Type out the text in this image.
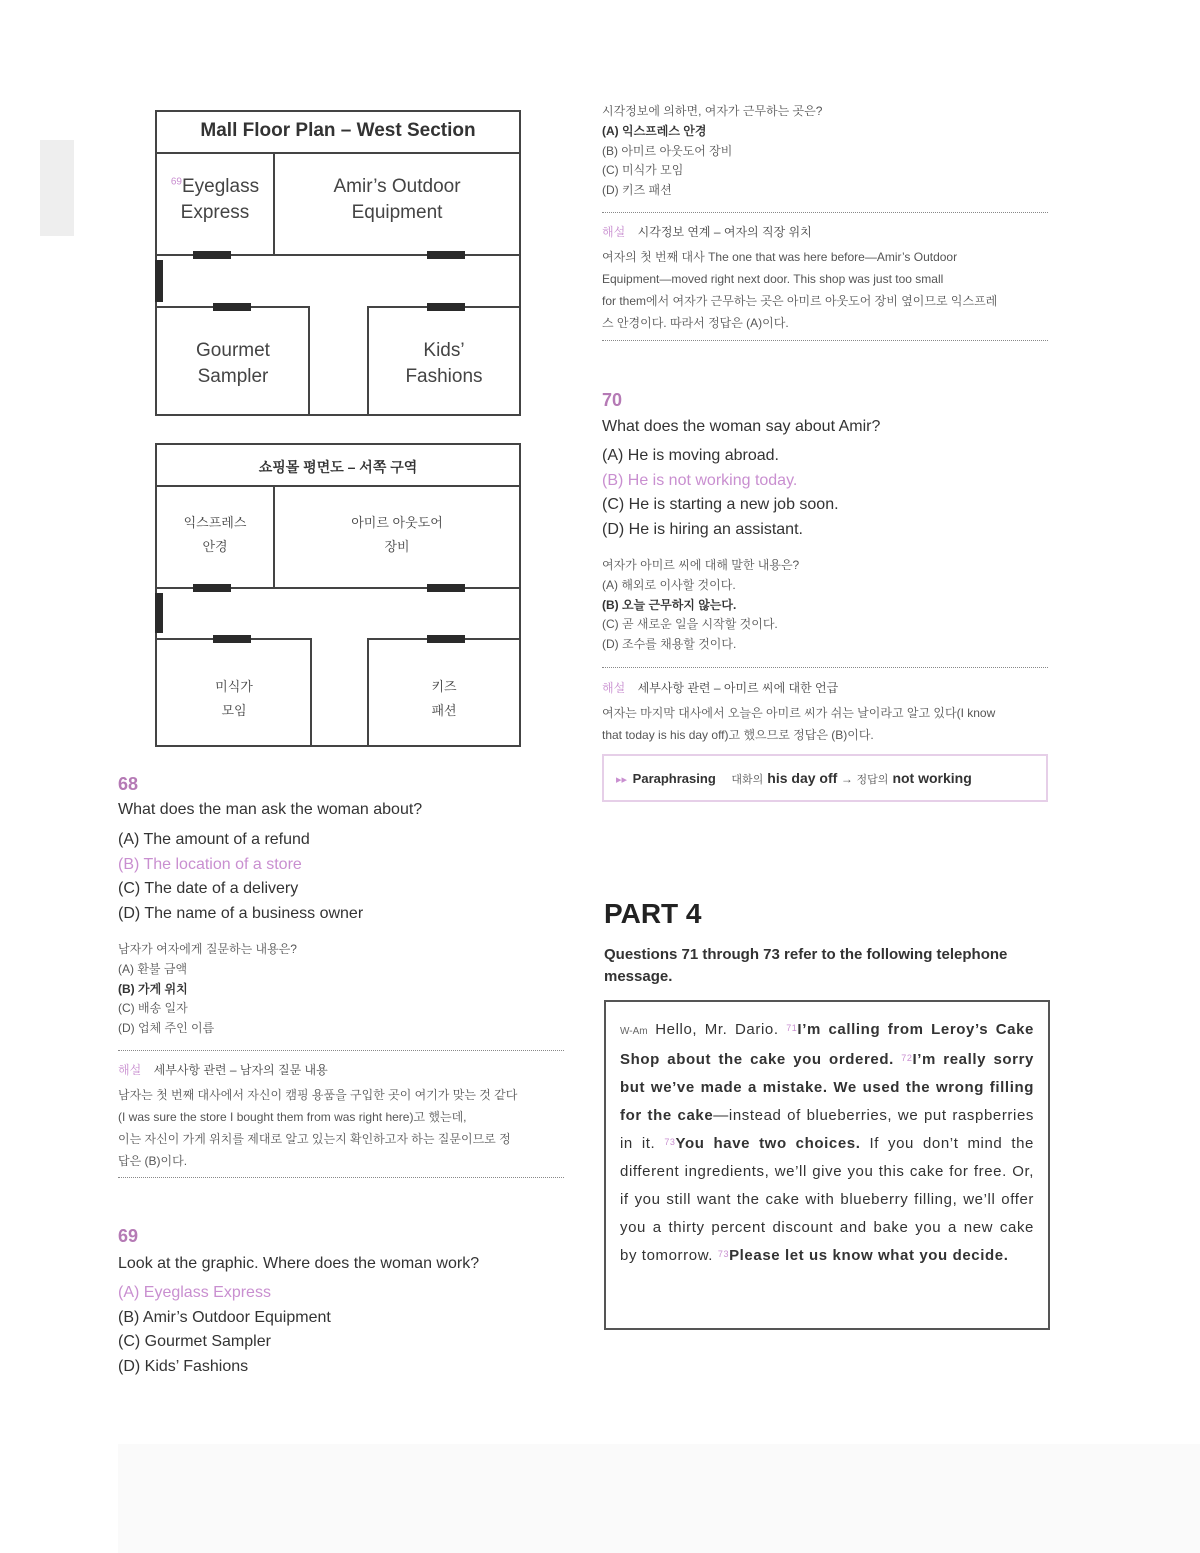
Mall Floor Plan – West Section
$^{69}$Eyeglass
Express
Amir’s Outdoor
Equipment
Gourmet
Sampler
Kids’
Fashions
쇼핑몰 평면도 – 서쪽 구역
익스프레스
안경
아미르 아웃도어
장비
미식가
모임
키즈
패션
68
What does the man ask the woman about?
(A) The amount of a refund
(B) The location of a store
(C) The date of a delivery
(D) The name of a business owner
남자가 여자에게 질문하는 내용은?
(A) 환불 금액
(B) 가게 위치
(C) 배송 일자
(D) 업체 주인 이름
해설 세부사항 관련 – 남자의 질문 내용
남자는 첫 번째 대사에서 자신이 캠핑 용품을 구입한 곳이 여기가 맞는 것 같다
(I was sure the store I bought them from was right here)고 했는데,
이는 자신이 가게 위치를 제대로 알고 있는지 확인하고자 하는 질문이므로 정
답은 (B)이다.
69
Look at the graphic. Where does the woman work?
(A) Eyeglass Express
(B) Amir’s Outdoor Equipment
(C) Gourmet Sampler
(D) Kids’ Fashions
시각정보에 의하면, 여자가 근무하는 곳은?
(A) 익스프레스 안경
(B) 아미르 아웃도어 장비
(C) 미식가 모임
(D) 키즈 패션
해설 시각정보 연계 – 여자의 직장 위치
여자의 첫 번째 대사 The one that was here before—Amir’s Outdoor
Equipment—moved right next door. This shop was just too small
for them에서 여자가 근무하는 곳은 아미르 아웃도어 장비 옆이므로 익스프레
스 안경이다. 따라서 정답은 (A)이다.
70
What does the woman say about Amir?
(A) He is moving abroad.
(B) He is not working today.
(C) He is starting a new job soon.
(D) He is hiring an assistant.
여자가 아미르 씨에 대해 말한 내용은?
(A) 해외로 이사할 것이다.
(B) 오늘 근무하지 않는다.
(C) 곧 새로운 일을 시작할 것이다.
(D) 조수를 채용할 것이다.
해설 세부사항 관련 – 아미르 씨에 대한 언급
여자는 마지막 대사에서 오늘은 아미르 씨가 쉬는 날이라고 알고 있다(I know
that today is his day off)고 했으므로 정답은 (B)이다.
▸▸ Paraphrasing 대화의 his day off → 정답의 not working
PART 4
Questions 71 through 73 refer to the following telephone message.
W-Am Hello, Mr. Dario. $^{71}$I’m calling from Leroy’s Cake Shop about the cake you ordered. $^{72}$I’m really sorry but we’ve made a mistake. We used the wrong filling for the cake—instead of blueberries, we put raspberries in it. $^{73}$You have two choices. If you don’t mind the different ingredients, we’ll give you this cake for free. Or, if you still want the cake with blueberry filling, we’ll offer you a thirty percent discount and bake you a new cake by tomorrow. $^{73}$Please let us know what you decide.
